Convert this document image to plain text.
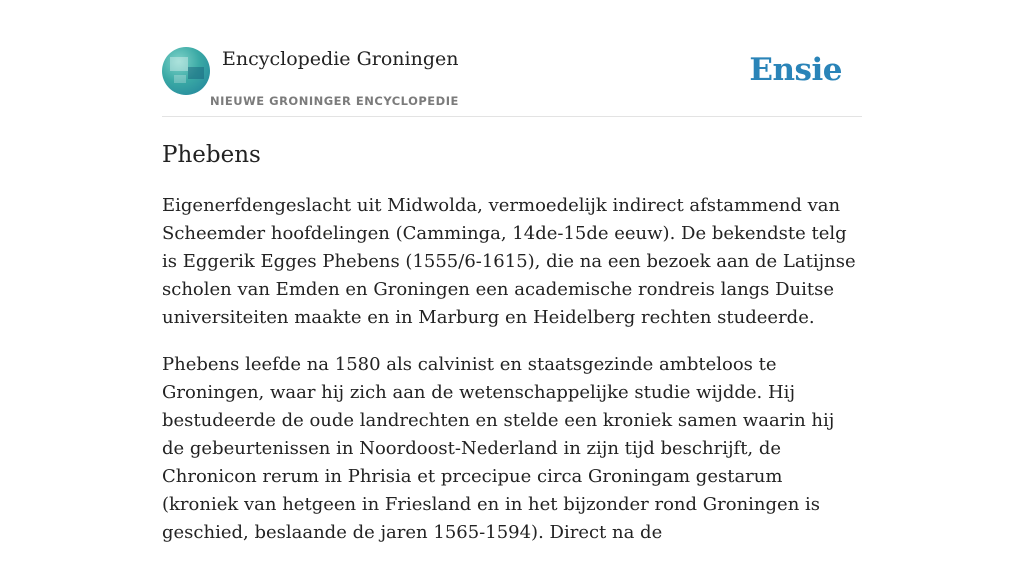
Encyclopedie Groningen
NIEUWE GRONINGER ENCYCLOPEDIE
Ensie
Phebens

Eigenerfdengeslacht uit Midwolda, vermoedelijk indirect afstammend van Scheemder hoofdelingen (Camminga, 14de-15de eeuw). De bekendste telg is Eggerik Egges Phebens (1555/6-1615), die na een bezoek aan de Latijnse scholen van Emden en Groningen een academische rondreis langs Duitse universiteiten maakte en in Marburg en Heidelberg rechten studeerde.

Phebens leefde na 1580 als calvinist en staatsgezinde ambteloos te Groningen, waar hij zich aan de wetenschappelijke studie wijdde. Hij bestudeerde de oude landrechten en stelde een kroniek samen waarin hij de gebeurtenissen in Noordoost-Nederland in zijn tijd beschrijft, de Chronicon rerum in Phrisia et prcecipue circa Groningam gestarum (kroniek van hetgeen in Friesland en in het bijzonder rond Groningen is geschied, beslaande de jaren 1565-1594). Direct na de
